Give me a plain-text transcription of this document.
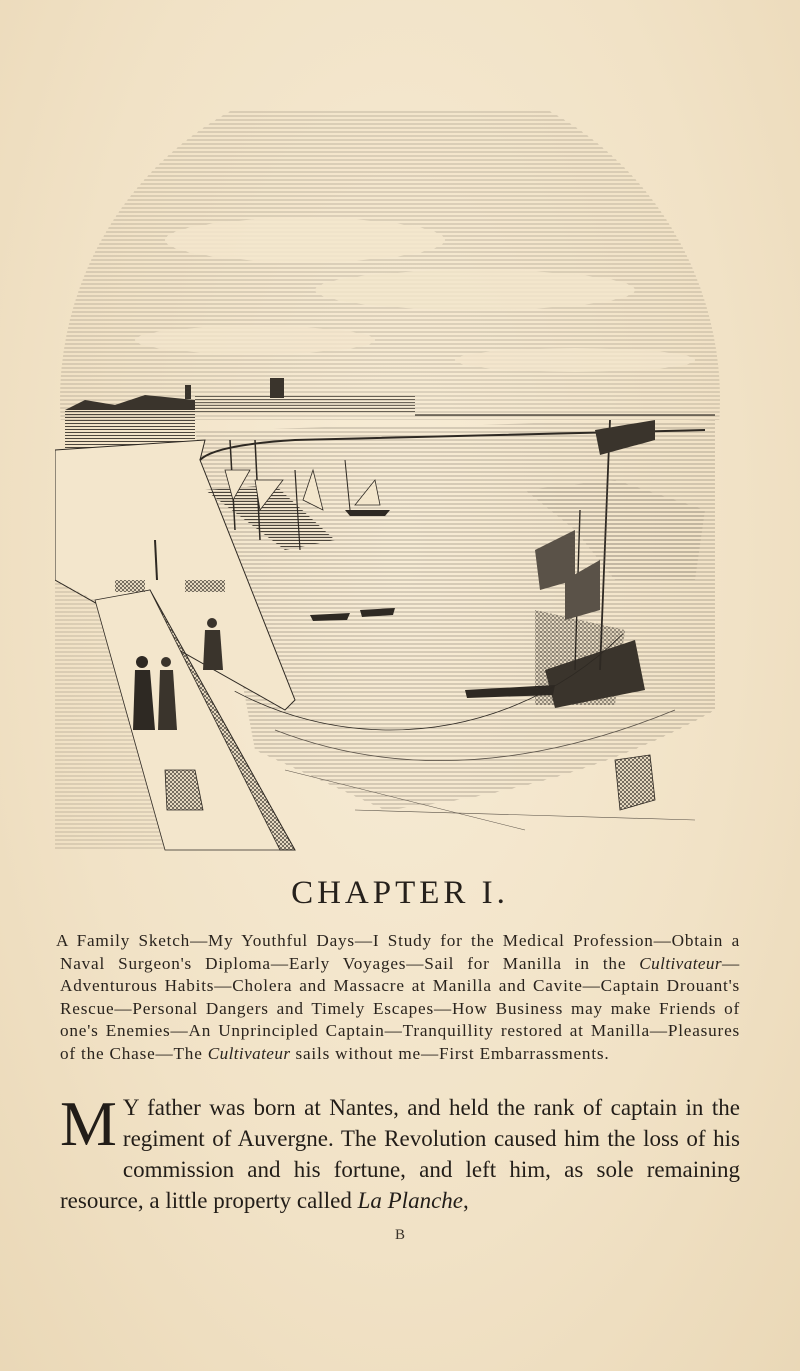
CHAPTER I.
A Family Sketch—My Youthful Days—I Study for the Medical Profession—Obtain a Naval Surgeon's Diploma—Early Voyages—Sail for Manilla in the Cultivateur—Adventurous Habits—Cholera and Massacre at Manilla and Cavite—Captain Drouant's Rescue—Personal Dangers and Timely Escapes—How Business may make Friends of one's Enemies—An Unprincipled Captain—Tranquillity restored at Manilla—Pleasures of the Chase—The Cultivateur sails without me—First Embarrassments.
M Y father was born at Nantes, and held the rank of captain in the regiment of Auvergne. The Revolution caused him the loss of his commission and his fortune, and left him, as sole remaining resource, a little property called La Planche,
B
